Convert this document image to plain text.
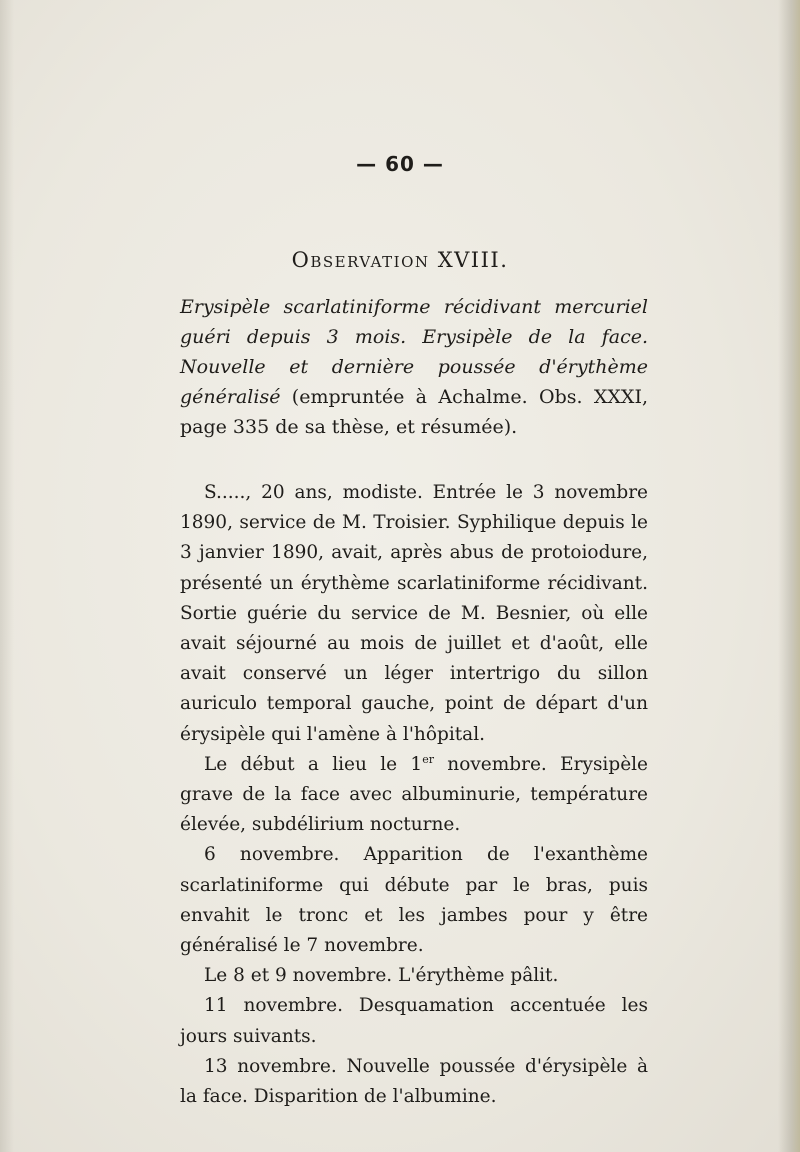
— 60 —
Observation XVIII.
Erysipèle scarlatiniforme récidivant mercuriel guéri depuis 3 mois. Erysipèle de la face. Nouvelle et dernière poussée d'érythème généralisé (empruntée à Achalme. Obs. XXXI, page 335 de sa thèse, et résumée).

S....., 20 ans, modiste. Entrée le 3 novembre 1890, service de M. Troisier. Syphilique depuis le 3 janvier 1890, avait, après abus de protoiodure, présenté un érythème scarlatiniforme récidivant. Sortie guérie du service de M. Besnier, où elle avait séjourné au mois de juillet et d'août, elle avait conservé un léger intertrigo du sillon auriculo temporal gauche, point de départ d'un érysipèle qui l'amène à l'hôpital.

Le début a lieu le 1er novembre. Erysipèle grave de la face avec albuminurie, température élevée, subdélirium nocturne.

6 novembre. Apparition de l'exanthème scarlatiniforme qui débute par le bras, puis envahit le tronc et les jambes pour y être généralisé le 7 novembre.

Le 8 et 9 novembre. L'érythème pâlit.

11 novembre. Desquamation accentuée les jours suivants.

13 novembre. Nouvelle poussée d'érysipèle à la face. Disparition de l'albumine.
